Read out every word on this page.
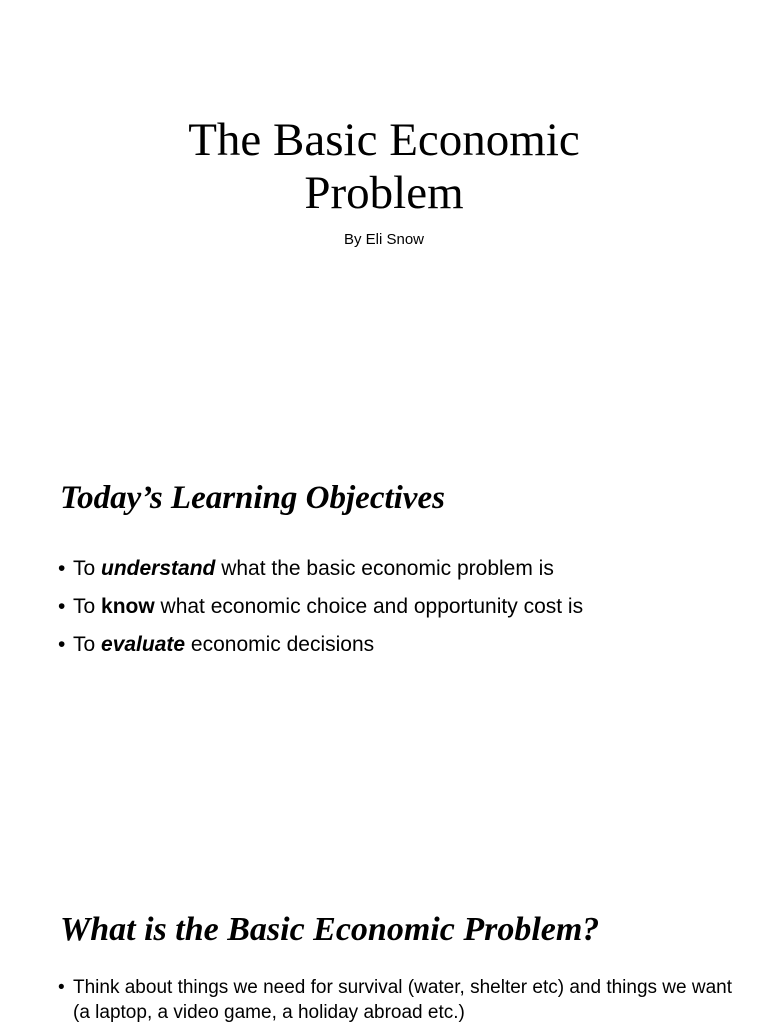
The Basic Economic
Problem
By Eli Snow
Today’s Learning Objectives
• To understand what the basic economic problem is
• To know what economic choice and opportunity cost is
• To evaluate economic decisions
What is the Basic Economic Problem?
• Think about things we need for survival (water, shelter etc) and things we want (a laptop, a video game, a holiday abroad etc.)
